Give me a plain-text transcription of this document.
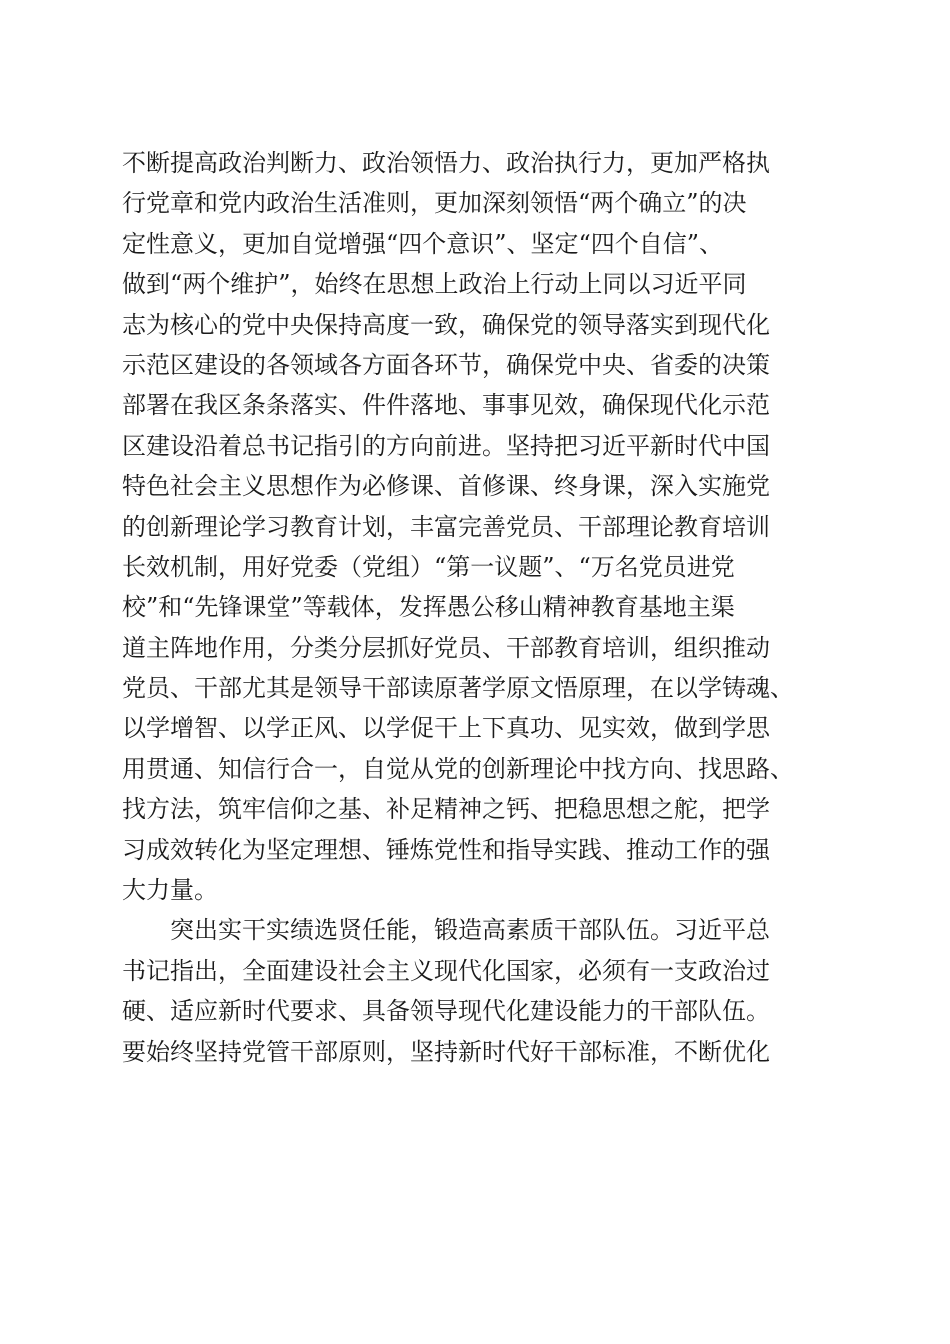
不断提高政治判断力、政治领悟力、政治执行力，更加严格执
行党章和党内政治生活准则，更加深刻领悟“两个确立”的决
定性意义，更加自觉增强“四个意识”、坚定“四个自信”、
做到“两个维护”，始终在思想上政治上行动上同以习近平同
志为核心的党中央保持高度一致，确保党的领导落实到现代化
示范区建设的各领域各方面各环节，确保党中央、省委的决策
部署在我区条条落实、件件落地、事事见效，确保现代化示范
区建设沿着总书记指引的方向前进。坚持把习近平新时代中国
特色社会主义思想作为必修课、首修课、终身课，深入实施党
的创新理论学习教育计划，丰富完善党员、干部理论教育培训
长效机制，用好党委（党组）“第一议题”、“万名党员进党
校”和“先锋课堂”等载体，发挥愚公移山精神教育基地主渠
道主阵地作用，分类分层抓好党员、干部教育培训，组织推动
党员、干部尤其是领导干部读原著学原文悟原理，在以学铸魂、
以学增智、以学正风、以学促干上下真功、见实效，做到学思
用贯通、知信行合一，自觉从党的创新理论中找方向、找思路、
找方法，筑牢信仰之基、补足精神之钙、把稳思想之舵，把学
习成效转化为坚定理想、锤炼党性和指导实践、推动工作的强
大力量。
突出实干实绩选贤任能，锻造高素质干部队伍。习近平总
书记指出，全面建设社会主义现代化国家，必须有一支政治过
硬、适应新时代要求、具备领导现代化建设能力的干部队伍。
要始终坚持党管干部原则，坚持新时代好干部标准，不断优化
